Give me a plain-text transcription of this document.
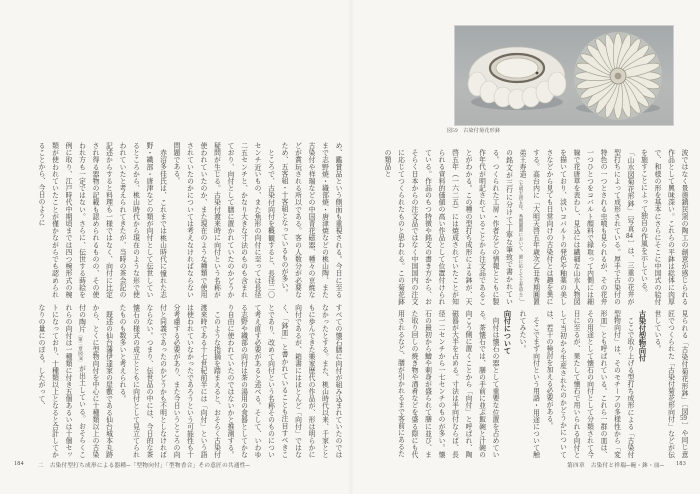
め、鑑賞品という側面も重視される。今日に至るまで志野焼・織部焼・唐津焼などの桃山陶、また古染付や祥瑞などの中国青花磁器、種々の京焼などが賞玩される所以である。客の人数分が必要なため、五客組・十客組となっているものが多い。

ところで、古染付向付を概観すると、長径二〇センチ近いもの、また魚形の向付に至っては長径二五センチと、かなり大きな寸法のものも含まれており、向付として膳に置かれていたのかどうか疑問が生じる。古染付渡来時に向付という名称が使われていたのか、また現在のような種類で使用されていたのかについては考えなければならない問題である。

赤沼多佳氏は、これまでは桃山時代に憧れた志野・織部・唐津などの類が向付として伝世しているところから、桃山時代から現在のような形で使われていたと考えられてきたが、当時の茶会記の記述からすると料理も一様ではなく、向付に比定され得る器物の記載も認められるものの、その使われ方も一定ではない。さらに、伝世する蒔絵を例に取り、江戸時代中期頃までは四つ椀形式の椀類が使われていたことが僅かながらでも認められることから、今日のように

すべての懐石膳に向付が組み込まれていたのではなかったとする。また、桃山時代以来、千家とともに歩んできた樂家歴代の作品が、形は明らかに向付であるが、箱書にはほとんど「向付」ではなく、「鉢皿」と書かれていることも注目すべきことであり、改めて向付という名称そのものについて考え直す必要があると述べる。そして、いわゆる志野や織部の向付は茶の湯用の食器としてかなり自由に使われていたのではないかと推測する。

このような指摘を踏まえると、おそらく古染付渡来時である十七世紀前半には「向付」という語は使われていなかったであろうという可能性も十分考慮する必要があり、また今日いうところの向付と同義であったのかどうかも不明としなければならない。つまり、伝世品の中には、今日的な茶懐石の様式の成立とともに向付として見立てられたものも数多いと考えられる。

既述の仙台藩伊達家の屋敷である仙台城本丸跡から、とくに型物向付を中心に十種類以上の古染付の陶片〔第三章図38〕が出土している。おそらくこれらの向付は一種類に付き五個あるいは十個セットになっており、十種類以上となると合計してかなりの量にのぼる。したがって、

184	二　古染付型打ち成形による器種─「型物向付」「型物香合」その意匠の共通性─
図59　古染付菊花形鉢

波ではなく景徳鎮民窯の陶工の創意が感じられる作品として興味深い。これらの平鉢は総体に肉厚で、和様の形を基本にさらにそこに中国式の絵付を施すことによって独自の作風を示している。

「山水図菊花形鉢」〔写真84〕は、三重の花弁が型打ちによって成形されている。厚手で古染付の特色の一つとされる虫喰も見られるが、その花弁一つひとつをコバルト顔料で縁取って内側には細線で花唐草を表わし、見込には繊細な山水人物図を描いており、淡いコバルトの発色や釉薬の美しさなどから見ても日常向けの古染付とは趣を異にする。高台内に「大明天啓五年歳次乙丑秀期圓置弟王寿造（大明天啓五年、秀期圓置において、置に応じて王寿造る）」の銘文が三行に分けて丁寧な筆致で書かれている。つくられた工房・作者などの情報とともに製作年代が明記されていることから注文品であることがわかる。この種の型打ち成形による鉢が、天啓五年（一六二五）には焼成されていたことが知られる資料的価値の高い作品として位置付けられている。作品のもつ特徴や銘文の書き方から、おそらく日本からの注文品ではなく中国国内の注文に応じてつくられたものと思われる。この菊花鉢の類品と

見られる「古染付菊花形鉢」〔図59〕や同じ意匠でつくられた「古染付菊花形向付」などが伝世している。

古染付型物向付

ここで取り上げる型打ち成形による「古染付型物向付」は、そのモチーフの多様性から「変形皿」とも呼ばれている。これら一群の皿は、その用途として懐石の向付として分類されて今日に至るが、果たして懐石で用いられる向付として当初から生産されたのかどうかについては、若干の検討を加える必要がある。

そこでまず向付という用語・用途について触れてみたい。

向付について

向付は懐石の器として重要な位置を占めている。茶懐石では、膳の手前に並ぶ飯碗と汁碗の向こう側に置くことから「向付」と呼ばれ、陶磁器が大半を占める。寸法は半向付ならば、長径一二センチから一七センチのものが多い。懐石の最初から鱠や刺身が盛られて膳に並び、また取り回しの焼き物や酒肴などを盛る際にも代用されるなど、膳が引かれるまで客前にあるた

第四章　古染付と祥瑞─碗・鉢・皿─ 183
